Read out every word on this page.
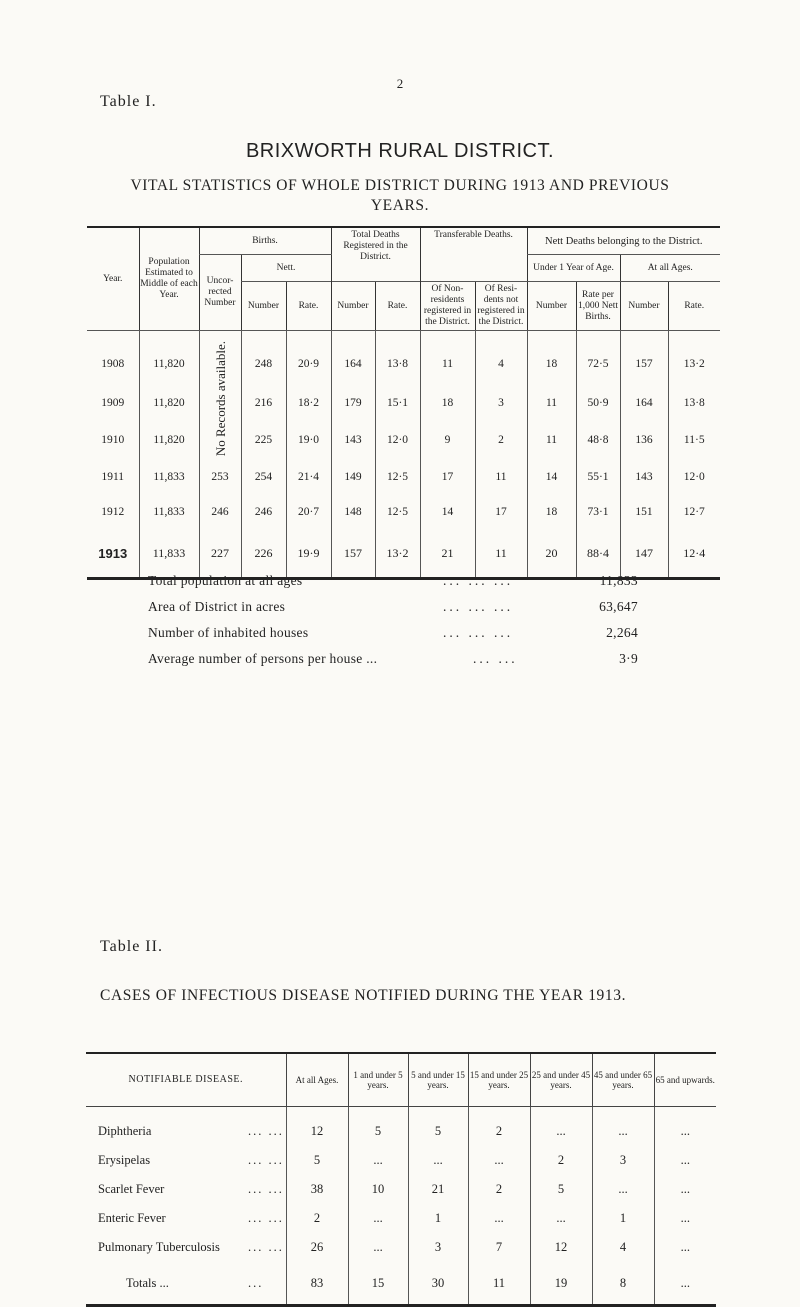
2
Table I.
BRIXWORTH RURAL DISTRICT.
VITAL STATISTICS OF WHOLE DISTRICT DURING 1913 AND PREVIOUS
YEARS.
Year.	Population Estimated to Middle of each Year.	Births.			Total Deaths Registered in the District.		Transferable Deaths.		Nett Deaths belonging to the District.			
		Uncor- rected Number	Nett.						Under 1 Year of Age.		At all Ages.	
			Number	Rate.	Number	Rate.	Of Non- residents registered in the District.	Of Resi- dents not registered in the District.	Number	Rate per 1,000 Nett Births.	Number	Rate.
1908	11,820	No Records available.	248	20·9	164	13·8	11	4	18	72·5	157	13·2
1909	11,820		216	18·2	179	15·1	18	3	11	50·9	164	13·8
1910	11,820		225	19·0	143	12·0	9	2	11	48·8	136	11·5
1911	11,833	253	254	21·4	149	12·5	17	11	14	55·1	143	12·0
1912	11,833	246	246	20·7	148	12·5	14	17	18	73·1	151	12·7
1913	11,833	227	226	19·9	157	13·2	21	11	20	88·4	147	12·4
Total population at all ages	... ... ...	11,833
Area of District in acres	... ... ...	63,647
Number of inhabited houses	... ... ...	2,264
Average number of persons per house ...	... ...	3·9
Table II.
CASES OF INFECTIOUS DISEASE NOTIFIED DURING THE YEAR 1913.
NOTIFIABLE DISEASE.	At all Ages.	1 and under 5 years.	5 and under 15 years.	15 and under 25 years.	25 and under 45 years.	45 and under 65 years.	65 and upwards.
Diphtheria ... ...	12	5	5	2	...	...	...
Erysipelas ... ...	5	...	...	...	2	3	...
Scarlet Fever ... ...	38	10	21	2	5	...	...
Enteric Fever ... ...	2	...	1	...	...	1	...
Pulmonary Tuberculosis ... ...	26	...	3	7	12	4	...
Totals ... ...	83	15	30	11	19	8	...
